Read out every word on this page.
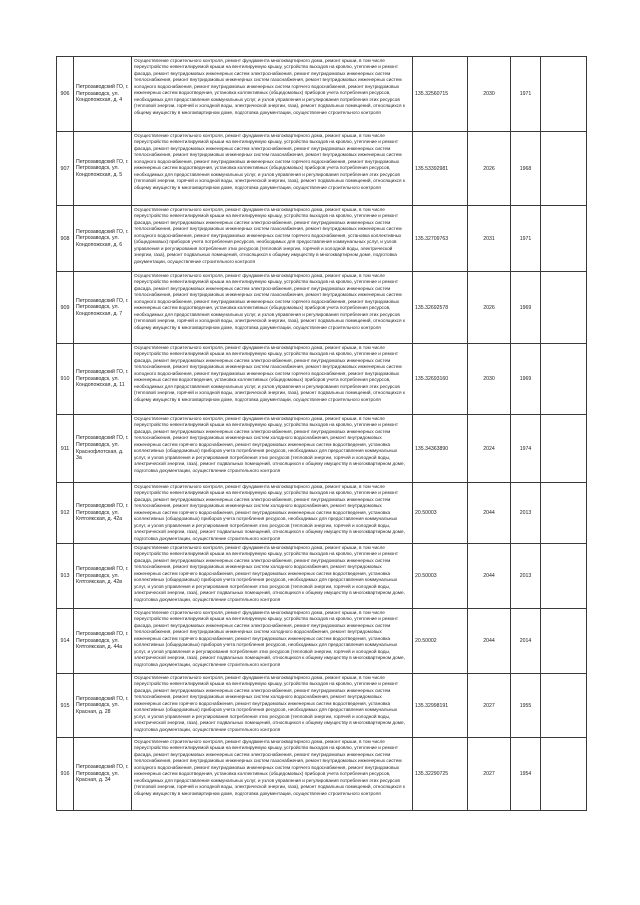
906	Петрозаводский ГО, г. Петрозаводск, ул. Кондопожская, д. 4	Осуществление строительного контроля, ремонт фундамента многоквартирного дома, ремонт крыши, в том числе переустройство невентилируемой крыши на вентилируемую крышу, устройство выходов на кровлю, утепление и ремонт фасада, ремонт внутридомовых инженерных систем электроснабжения, ремонт внутридомовых инженерных систем теплоснабжения, ремонт внутридомовых инженерных систем газоснабжения, ремонт внутридомовых инженерных систем холодного водоснабжения, ремонт внутридомовых инженерных систем горячего водоснабжения, ремонт внутридомовых инженерных систем водоотведения, установка коллективных (общедомовых) приборов учета потребления ресурсов, необходимых для предоставления коммунальных услуг, и узлов управления и регулирования потребления этих ресурсов (тепловой энергии, горячей и холодной воды, электрической энергии, газа), ремонт подвальных помещений, относящихся к общему имуществу в многоквартирном доме, подготовка документации, осуществление строительного контроля	135.32560715	2030	1971	
907	Петрозаводский ГО, г. Петрозаводск, ул. Кондопожская, д. 5	Осуществление строительного контроля, ремонт фундамента многоквартирного дома, ремонт крыши, в том числе переустройство невентилируемой крыши на вентилируемую крышу, устройство выходов на кровлю, утепление и ремонт фасада, ремонт внутридомовых инженерных систем электроснабжения, ремонт внутридомовых инженерных систем теплоснабжения, ремонт внутридомовых инженерных систем газоснабжения, ремонт внутридомовых инженерных систем холодного водоснабжения, ремонт внутридомовых инженерных систем горячего водоснабжения, ремонт внутридомовых инженерных систем водоотведения, установка коллективных (общедомовых) приборов учета потребления ресурсов, необходимых для предоставления коммунальных услуг, и узлов управления и регулирования потребления этих ресурсов (тепловой энергии, горячей и холодной воды, электрической энергии, газа), ремонт подвальных помещений, относящихся к общему имуществу в многоквартирном доме, подготовка документации, осуществление строительного контроля	135.53392981	2026	1968	
908	Петрозаводский ГО, г. Петрозаводск, ул. Кондопожская, д. 6	Осуществление строительного контроля, ремонт фундамента многоквартирного дома, ремонт крыши, в том числе переустройство невентилируемой крыши на вентилируемую крышу, устройство выходов на кровлю, утепление и ремонт фасада, ремонт внутридомовых инженерных систем электроснабжения, ремонт внутридомовых инженерных систем теплоснабжения, ремонт внутридомовых инженерных систем газоснабжения, ремонт внутридомовых инженерных систем холодного водоснабжения, ремонт внутридомовых инженерных систем горячего водоснабжения, установка коллективных (общедомовых) приборов учета потребления ресурсов, необходимых для предоставления коммунальных услуг, и узлов управления и регулирования потребления этих ресурсов (тепловой энергии, горячей и холодной воды, электрической энергии, газа), ремонт подвальных помещений, относящихся к общему имуществу в многоквартирном доме, подготовка документации, осуществление строительного контроля	135.32709763	2031	1971	
909	Петрозаводский ГО, г. Петрозаводск, ул. Кондопожская, д. 7	Осуществление строительного контроля, ремонт фундамента многоквартирного дома, ремонт крыши, в том числе переустройство невентилируемой крыши на вентилируемую крышу, устройство выходов на кровлю, утепление и ремонт фасада, ремонт внутридомовых инженерных систем электроснабжения, ремонт внутридомовых инженерных систем теплоснабжения, ремонт внутридомовых инженерных систем газоснабжения, ремонт внутридомовых инженерных систем холодного водоснабжения, ремонт внутридомовых инженерных систем горячего водоснабжения, ремонт внутридомовых инженерных систем водоотведения, установка коллективных (общедомовых) приборов учета потребления ресурсов, необходимых для предоставления коммунальных услуг, и узлов управления и регулирования потребления этих ресурсов (тепловой энергии, горячей и холодной воды, электрической энергии, газа), ремонт подвальных помещений, относящихся к общему имуществу в многоквартирном доме, подготовка документации, осуществление строительного контроля	135.32692578	2026	1969	
910	Петрозаводский ГО, г. Петрозаводск, ул. Кондопожская, д. 11	Осуществление строительного контроля, ремонт фундамента многоквартирного дома, ремонт крыши, в том числе переустройство невентилируемой крыши на вентилируемую крышу, устройство выходов на кровлю, утепление и ремонт фасада, ремонт внутридомовых инженерных систем электроснабжения, ремонт внутридомовых инженерных систем теплоснабжения, ремонт внутридомовых инженерных систем газоснабжения, ремонт внутридомовых инженерных систем холодного водоснабжения, ремонт внутридомовых инженерных систем горячего водоснабжения, ремонт внутридомовых инженерных систем водоотведения, установка коллективных (общедомовых) приборов учета потребления ресурсов, необходимых для предоставления коммунальных услуг, и узлов управления и регулирования потребления этих ресурсов (тепловой энергии, горячей и холодной воды, электрической энергии, газа), ремонт подвальных помещений, относящихся к общему имуществу в многоквартирном доме, подготовка документации, осуществление строительного контроля	135.32693160	2030	1969	
911	Петрозаводский ГО, г. Петрозаводск, ул. Краснофлотская, д. 3а	Осуществление строительного контроля, ремонт фундамента многоквартирного дома, ремонт крыши, в том числе переустройство невентилируемой крыши на вентилируемую крышу, устройство выходов на кровлю, утепление и ремонт фасада, ремонт внутридомовых инженерных систем электроснабжения, ремонт внутридомовых инженерных систем теплоснабжения, ремонт внутридомовых инженерных систем холодного водоснабжения, ремонт внутридомовых инженерных систем горячего водоснабжения, ремонт внутридомовых инженерных систем водоотведения, установка коллективных (общедомовых) приборов учета потребления ресурсов, необходимых для предоставления коммунальных услуг, и узлов управления и регулирования потребления этих ресурсов (тепловой энергии, горячей и холодной воды, электрической энергии, газа), ремонт подвальных помещений, относящихся к общему имуществу в многоквартирном доме, подготовка документации, осуществление строительного контроля	135.34363890	2024	1974	
912	Петрозаводский ГО, г. Петрозаводск, ул. Кятгоякская, д. 42а	Осуществление строительного контроля, ремонт фундамента многоквартирного дома, ремонт крыши, в том числе переустройство невентилируемой крыши на вентилируемую крышу, устройство выходов на кровлю, утепление и ремонт фасада, ремонт внутридомовых инженерных систем электроснабжения, ремонт внутридомовых инженерных систем теплоснабжения, ремонт внутридомовых инженерных систем холодного водоснабжения, ремонт внутридомовых инженерных систем горячего водоснабжения, ремонт внутридомовых инженерных систем водоотведения, установка коллективных (общедомовых) приборов учета потребления ресурсов, необходимых для предоставления коммунальных услуг, и узлов управления и регулирования потребления этих ресурсов (тепловой энергии, горячей и холодной воды, электрической энергии, газа), ремонт подвальных помещений, относящихся к общему имуществу в многоквартирном доме, подготовка документации, осуществление строительного контроля	20.50003	2044	2013	
913	Петрозаводский ГО, г. Петрозаводск, ул. Кятгоякская, д. 42в	Осуществление строительного контроля, ремонт фундамента многоквартирного дома, ремонт крыши, в том числе переустройство невентилируемой крыши на вентилируемую крышу, устройство выходов на кровлю, утепление и ремонт фасада, ремонт внутридомовых инженерных систем электроснабжения, ремонт внутридомовых инженерных систем теплоснабжения, ремонт внутридомовых инженерных систем холодного водоснабжения, ремонт внутридомовых инженерных систем горячего водоснабжения, ремонт внутридомовых инженерных систем водоотведения, установка коллективных (общедомовых) приборов учета потребления ресурсов, необходимых для предоставления коммунальных услуг, и узлов управления и регулирования потребления этих ресурсов (тепловой энергии, горячей и холодной воды, электрической энергии, газа), ремонт подвальных помещений, относящихся к общему имуществу в многоквартирном доме, подготовка документации, осуществление строительного контроля	20.50003	2044	2013	
914	Петрозаводский ГО, г. Петрозаводск, ул. Кятгоякская, д. 44а	Осуществление строительного контроля, ремонт фундамента многоквартирного дома, ремонт крыши, в том числе переустройство невентилируемой крыши на вентилируемую крышу, устройство выходов на кровлю, утепление и ремонт фасада, ремонт внутридомовых инженерных систем электроснабжения, ремонт внутридомовых инженерных систем теплоснабжения, ремонт внутридомовых инженерных систем холодного водоснабжения, ремонт внутридомовых инженерных систем горячего водоснабжения, ремонт внутридомовых инженерных систем водоотведения, установка коллективных (общедомовых) приборов учета потребления ресурсов, необходимых для предоставления коммунальных услуг, и узлов управления и регулирования потребления этих ресурсов (тепловой энергии, горячей и холодной воды, электрической энергии, газа), ремонт подвальных помещений, относящихся к общему имуществу в многоквартирном доме, подготовка документации, осуществление строительного контроля	20.50002	2044	2014	
915	Петрозаводский ГО, г. Петрозаводск, ул. Красная, д. 28	Осуществление строительного контроля, ремонт фундамента многоквартирного дома, ремонт крыши, в том числе переустройство невентилируемой крыши на вентилируемую крышу, устройство выходов на кровлю, утепление и ремонт фасада, ремонт внутридомовых инженерных систем электроснабжения, ремонт внутридомовых инженерных систем теплоснабжения, ремонт внутридомовых инженерных систем холодного водоснабжения, ремонт внутридомовых инженерных систем горячего водоснабжения, ремонт внутридомовых инженерных систем водоотведения, установка коллективных (общедомовых) приборов учета потребления ресурсов, необходимых для предоставления коммунальных услуг, и узлов управления и регулирования потребления этих ресурсов (тепловой энергии, горячей и холодной воды, электрической энергии, газа), ремонт подвальных помещений, относящихся к общему имуществу в многоквартирном доме, подготовка документации, осуществление строительного контроля	135.32998191	2027	1955	
916	Петрозаводский ГО, г. Петрозаводск, ул. Красная, д. 34	Осуществление строительного контроля, ремонт фундамента многоквартирного дома, ремонт крыши, в том числе переустройство невентилируемой крыши на вентилируемую крышу, устройство выходов на кровлю, утепление и ремонт фасада, ремонт внутридомовых инженерных систем электроснабжения, ремонт внутридомовых инженерных систем теплоснабжения, ремонт внутридомовых инженерных систем газоснабжения, ремонт внутридомовых инженерных систем холодного водоснабжения, ремонт внутридомовых инженерных систем горячего водоснабжения, ремонт внутридомовых инженерных систем водоотведения, установка коллективных (общедомовых) приборов учета потребления ресурсов, необходимых для предоставления коммунальных услуг, и узлов управления и регулирования потребления этих ресурсов (тепловой энергии, горячей и холодной воды, электрической энергии, газа), ремонт подвальных помещений, относящихся к общему имуществу в многоквартирном доме, подготовка документации, осуществление строительного контроля	135.32290725	2027	1954	
